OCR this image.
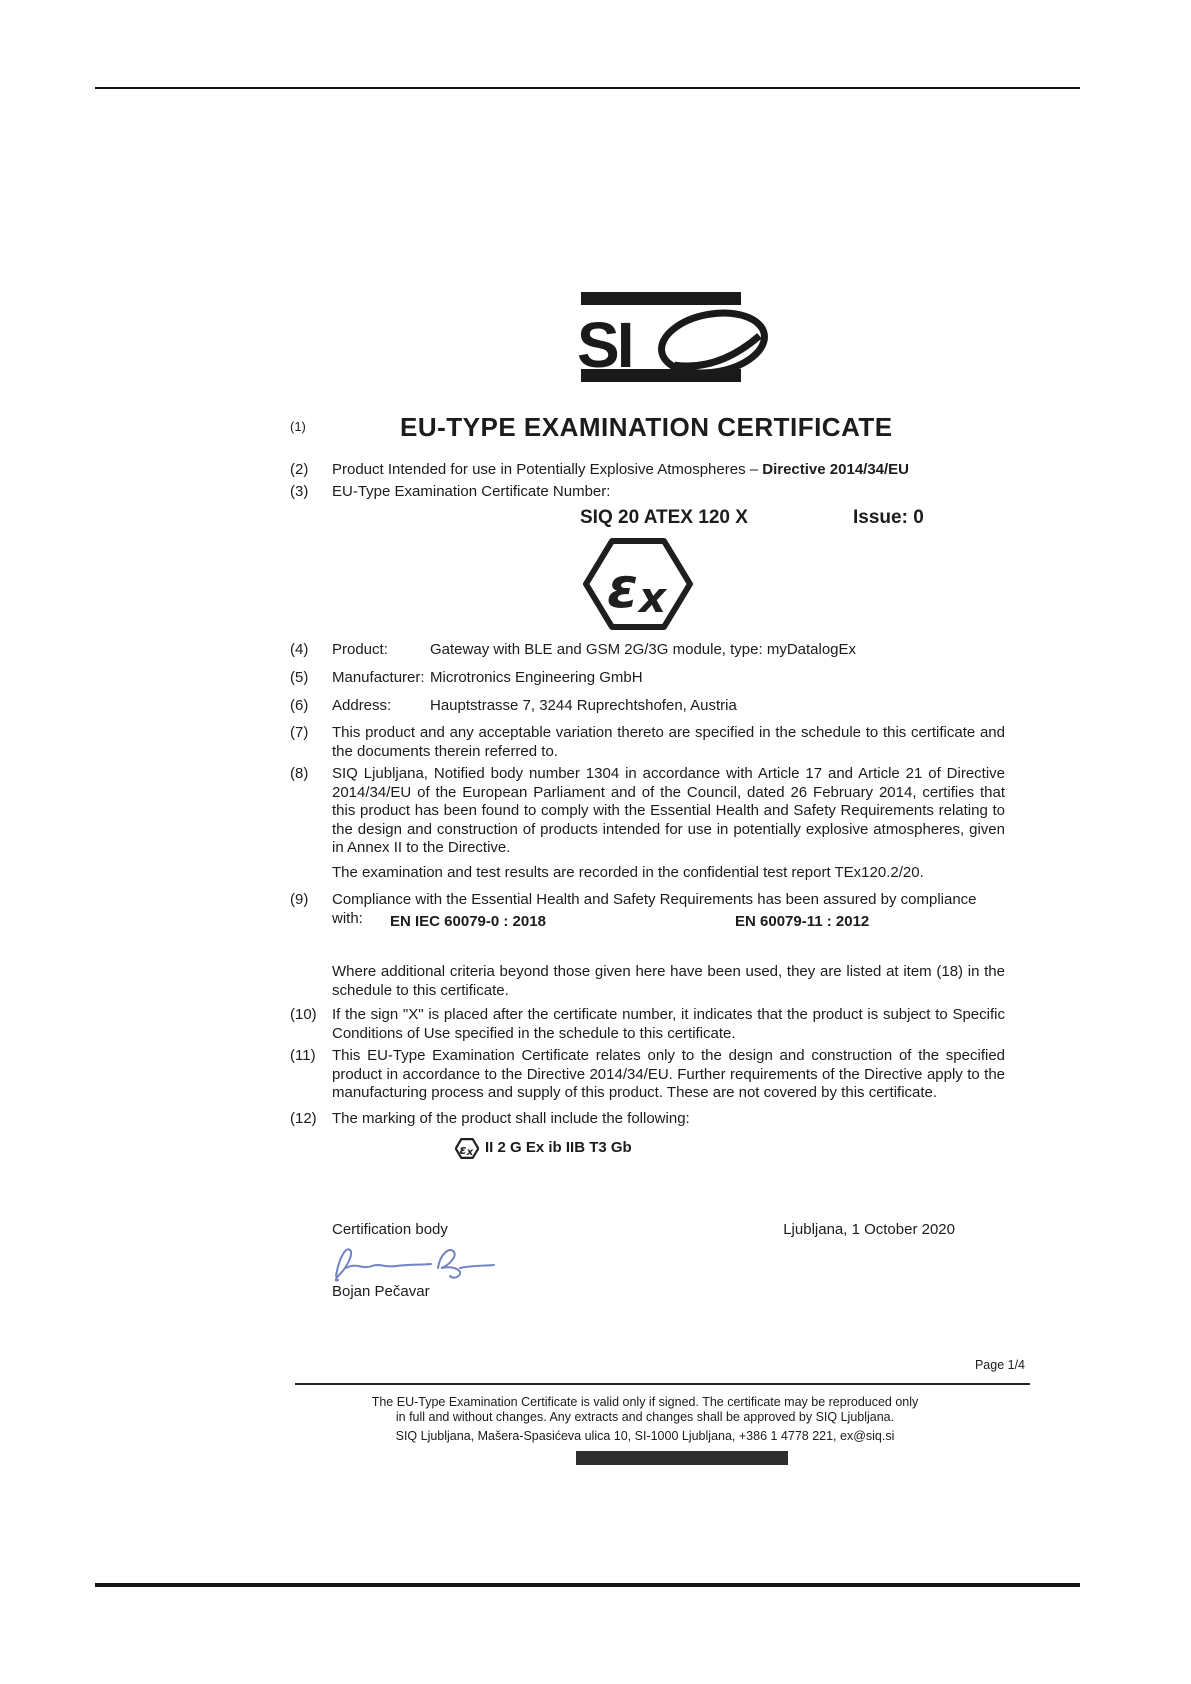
SI
(1)	EU-TYPE EXAMINATION CERTIFICATE
(2) Product Intended for use in Potentially Explosive Atmospheres – Directive 2014/34/EU
(3) EU-Type Examination Certificate Number:
SIQ 20 ATEX 120 X	Issue: 0
ε x
(4) Product:	Gateway with BLE and GSM 2G/3G module, type: myDatalogEx
(5) Manufacturer: Microtronics Engineering GmbH
(6) Address:	Hauptstrasse 7, 3244 Ruprechtshofen, Austria
(7) This product and any acceptable variation thereto are specified in the schedule to this certificate and the documents therein referred to.
(8) SIQ Ljubljana, Notified body number 1304 in accordance with Article 17 and Article 21 of Directive 2014/34/EU of the European Parliament and of the Council, dated 26 February 2014, certifies that this product has been found to comply with the Essential Health and Safety Requirements relating to the design and construction of products intended for use in potentially explosive atmospheres, given in Annex II to the Directive.
The examination and test results are recorded in the confidential test report TEx120.2/20.
(9) Compliance with the Essential Health and Safety Requirements has been assured by compliance with:	EN IEC 60079-0 : 2018	EN 60079-11 : 2012
Where additional criteria beyond those given here have been used, they are listed at item (18) in the schedule to this certificate.
(10) If the sign "X" is placed after the certificate number, it indicates that the product is subject to Specific Conditions of Use specified in the schedule to this certificate.
(11) This EU-Type Examination Certificate relates only to the design and construction of the specified product in accordance to the Directive 2014/34/EU. Further requirements of the Directive apply to the manufacturing process and supply of this product. These are not covered by this certificate.
(12) The marking of the product shall include the following:
ε x II 2 G Ex ib IIB T3 Gb
Certification body	Ljubljana, 1 October 2020
Bojan Pečavar
Page 1/4
The EU-Type Examination Certificate is valid only if signed. The certificate may be reproduced only
in full and without changes. Any extracts and changes shall be approved by SIQ Ljubljana.
SIQ Ljubljana, Mašera-Spasićeva ulica 10, SI-1000 Ljubljana, +386 1 4778 221, ex@siq.si
